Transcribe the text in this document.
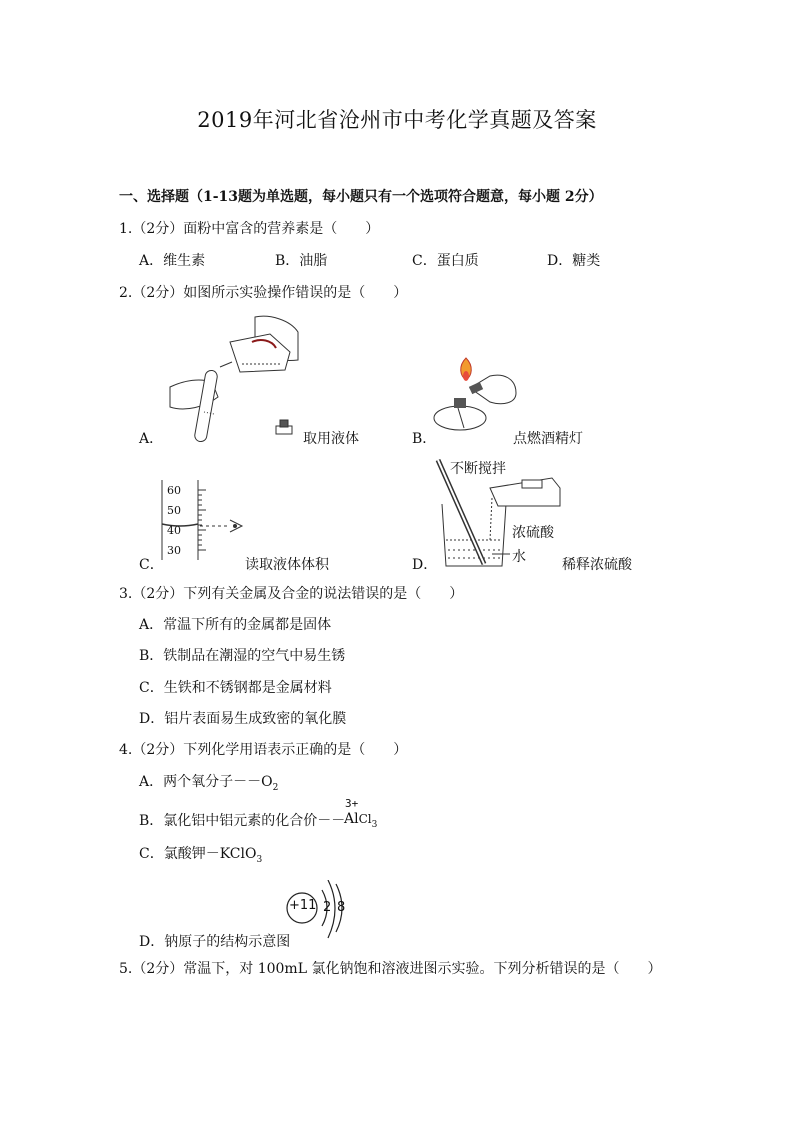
2019年河北省沧州市中考化学真题及答案
一、选择题（1-13题为单选题，每小题只有一个选项符合题意，每小题 2分）
1.（2分）面粉中富含的营养素是（　　）
A．维生素	B．油脂	C．蛋白质	D．糖类
2.（2分）如图所示实验操作错误的是（　　）
A．	取用液体	B．	点燃酒精灯
60
50
40
30
C．	读取液体体积
不断搅拌
浓硫酸
水
D．	稀释浓硫酸
3.（2分）下列有关金属及合金的说法错误的是（　　）
A．常温下所有的金属都是固体
B．铁制品在潮湿的空气中易生锈
C．生铁和不锈钢都是金属材料
D．铝片表面易生成致密的氧化膜
4.（2分）下列化学用语表示正确的是（　　）
A．两个氧分子$--O_2$
B．氯化铝中铝元素的化合价－－
3+
AlCl$_3$
C．氯酸钾－KClO$_3$
+11 2 8
D．钠原子的结构示意图
5.（2分）常温下，对 100mL 氯化钠饱和溶液进图示实验。下列分析错误的是（　　）
